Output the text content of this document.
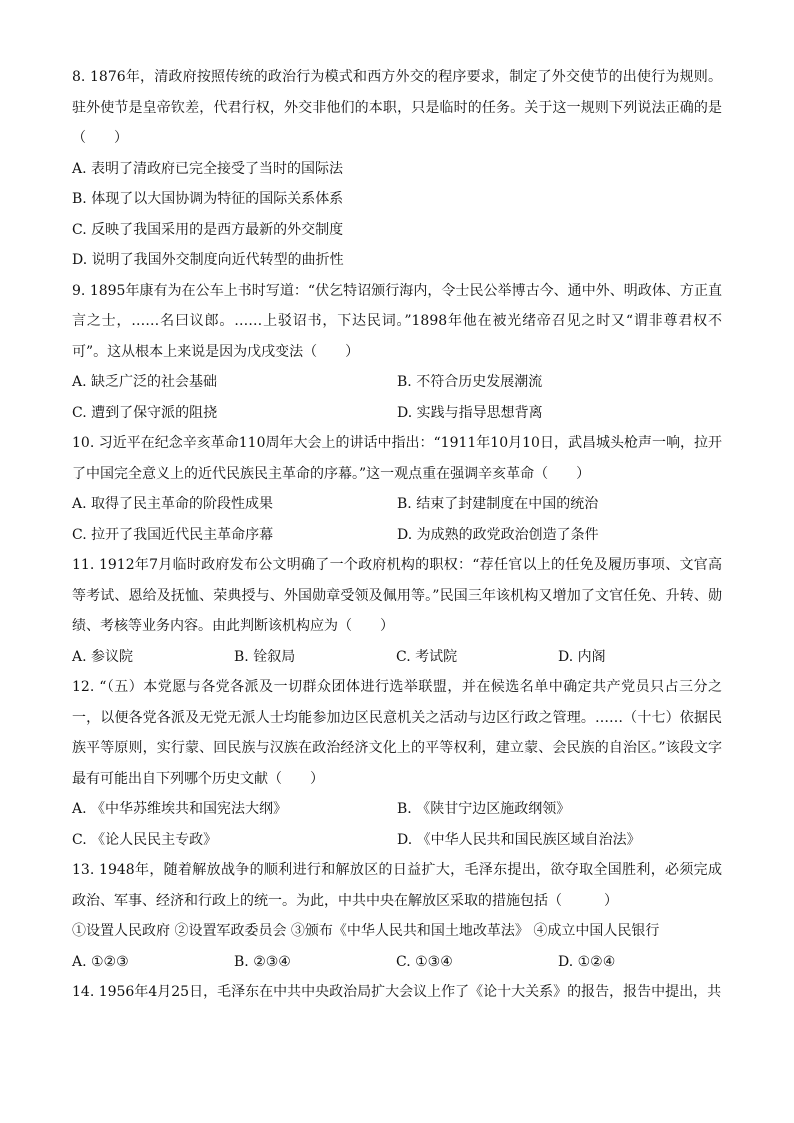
8. 1876年，清政府按照传统的政治行为模式和西方外交的程序要求，制定了外交使节的出使行为规则。驻外使节是皇帝钦差，代君行权，外交非他们的本职，只是临时的任务。关于这一规则下列说法正确的是（　　）

A. 表明了清政府已完全接受了当时的国际法

B. 体现了以大国协调为特征的国际关系体系

C. 反映了我国采用的是西方最新的外交制度

D. 说明了我国外交制度向近代转型的曲折性

9. 1895年康有为在公车上书时写道：“伏乞特诏颁行海内，令士民公举博古今、通中外、明政体、方正直言之士，……名曰议郎。……上驳诏书，下达民词。”1898年他在被光绪帝召见之时又“谓非尊君权不可”。这从根本上来说是因为戊戌变法（　　）

A. 缺乏广泛的社会基础	B. 不符合历史发展潮流
C. 遭到了保守派的阻挠	D. 实践与指导思想背离

10. 习近平在纪念辛亥革命110周年大会上的讲话中指出：“1911年10月10日，武昌城头枪声一响，拉开了中国完全意义上的近代民族民主革命的序幕。”这一观点重在强调辛亥革命（　　）

A. 取得了民主革命的阶段性成果	B. 结束了封建制度在中国的统治
C. 拉开了我国近代民主革命序幕	D. 为成熟的政党政治创造了条件

11. 1912年7月临时政府发布公文明确了一个政府机构的职权：“荐任官以上的任免及履历事项、文官高等考试、恩给及抚恤、荣典授与、外国勋章受领及佩用等。”民国三年该机构又增加了文官任免、升转、勋绩、考核等业务内容。由此判断该机构应为（　　）

A. 参议院	B. 铨叙局	C. 考试院	D. 内阁

12. “（五）本党愿与各党各派及一切群众团体进行选举联盟，并在候选名单中确定共产党员只占三分之一，以便各党各派及无党无派人士均能参加边区民意机关之活动与边区行政之管理。……（十七）依据民族平等原则，实行蒙、回民族与汉族在政治经济文化上的平等权利，建立蒙、会民族的自治区。”该段文字最有可能出自下列哪个历史文献（　　）

A. 《中华苏维埃共和国宪法大纲》	B. 《陕甘宁边区施政纲领》
C. 《论人民民主专政》	D. 《中华人民共和国民族区域自治法》

13. 1948年，随着解放战争的顺利进行和解放区的日益扩大，毛泽东提出，欲夺取全国胜利，必须完成政治、军事、经济和行政上的统一。为此，中共中央在解放区采取的措施包括（　　　）

①设置人民政府 ②设置军政委员会 ③颁布《中华人民共和国土地改革法》 ④成立中国人民银行

A. ①②③	B. ②③④	C. ①③④	D. ①②④

14. 1956年4月25日，毛泽东在中共中央政治局扩大会议上作了《论十大关系》的报告，报告中提出，共
